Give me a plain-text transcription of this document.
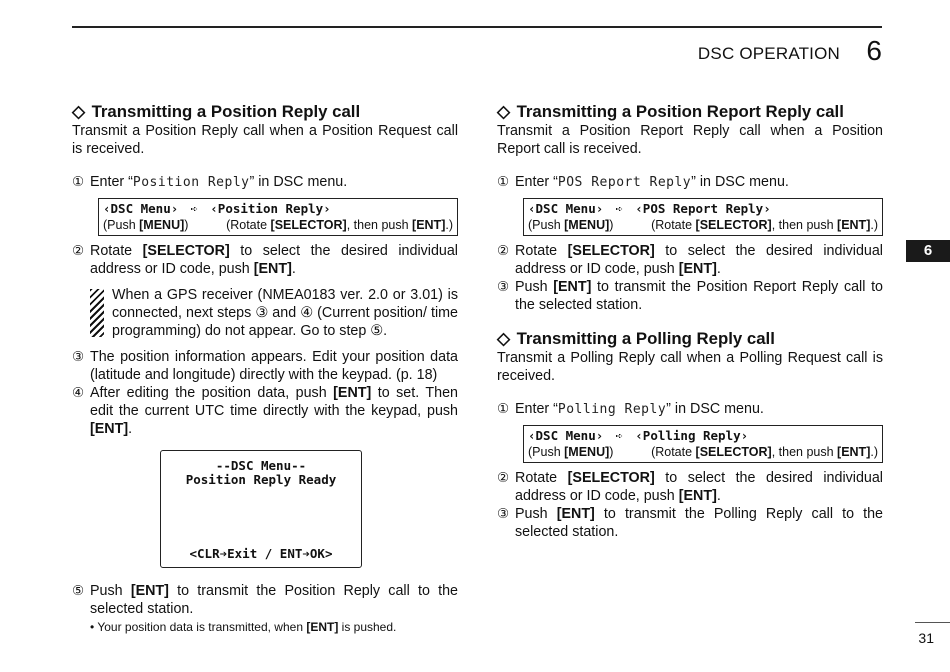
DSC OPERATION 6
6
31
◇ Transmitting a Position Reply call

Transmit a Position Reply call when a Position Request call is received.

① Enter “Position Reply” in DSC menu.
‹DSC Menu› ➪ ‹Position Reply›
(Push [MENU])	(Rotate [SELECTOR], then push [ENT].)
② Rotate [SELECTOR] to select the desired individual address or ID code, push [ENT].
When a GPS receiver (NMEA0183 ver. 2.0 or 3.01) is connected, next steps ③ and ④ (Current position/ time programming) do not appear. Go to step ⑤.
③ The position information appears. Edit your position data (latitude and longitude) directly with the keypad. (p. 18)
④ After editing the position data, push [ENT] to set. Then edit the current UTC time directly with the keypad, push [ENT].
--DSC Menu--
Position Reply Ready
<CLR➔Exit / ENT➔OK>
⑤ Push [ENT] to transmit the Position Reply call to the selected station.
• Your position data is transmitted, when [ENT] is pushed.
◇ Transmitting a Position Report Reply call

Transmit a Position Report Reply call when a Position Report call is received.

① Enter “POS Report Reply” in DSC menu.
‹DSC Menu› ➪ ‹POS Report Reply›
(Push [MENU])	(Rotate [SELECTOR], then push [ENT].)
② Rotate [SELECTOR] to select the desired individual address or ID code, push [ENT].
③ Push [ENT] to transmit the Position Report Reply call to the selected station.
◇ Transmitting a Polling Reply call

Transmit a Polling Reply call when a Polling Request call is received.

① Enter “Polling Reply” in DSC menu.
‹DSC Menu› ➪ ‹Polling Reply›
(Push [MENU])	(Rotate [SELECTOR], then push [ENT].)
② Rotate [SELECTOR] to select the desired individual address or ID code, push [ENT].
③ Push [ENT] to transmit the Polling Reply call to the selected station.
